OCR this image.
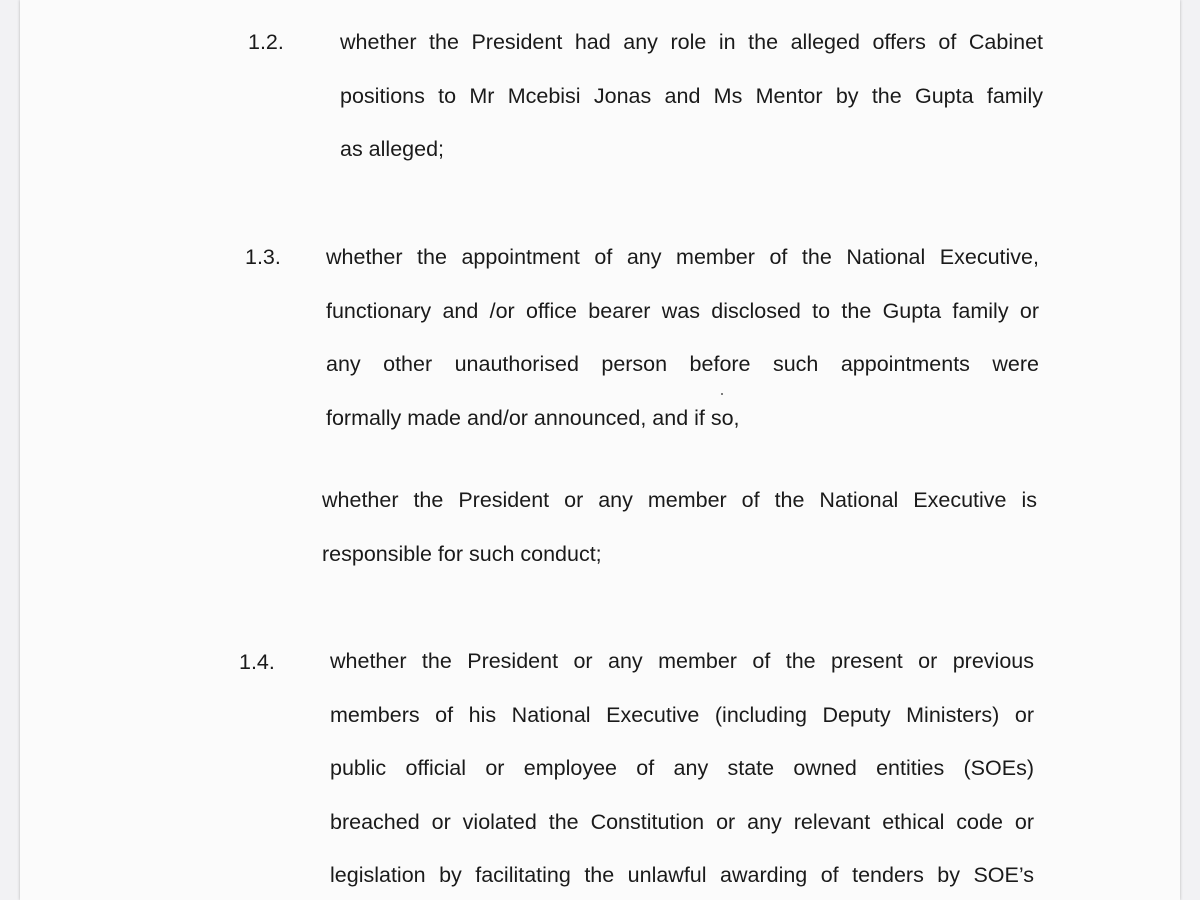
1.2.	whether the President had any role in the alleged offers of Cabinet
positions to Mr Mcebisi Jonas and Ms Mentor by the Gupta family
as alleged;
1.3. whether the appointment of any member of the National Executive,
functionary and /or office bearer was disclosed to the Gupta family or
any other unauthorised person before such appointments were
formally made and/or announced, and if so,
whether the President or any member of the National Executive is
responsible for such conduct;
1.4.	whether the President or any member of the present or previous
members of his National Executive (including Deputy Ministers) or
public official or employee of any state owned entities (SOEs)
breached or violated the Constitution or any relevant ethical code or
legislation by facilitating the unlawful awarding of tenders by SOE’s
